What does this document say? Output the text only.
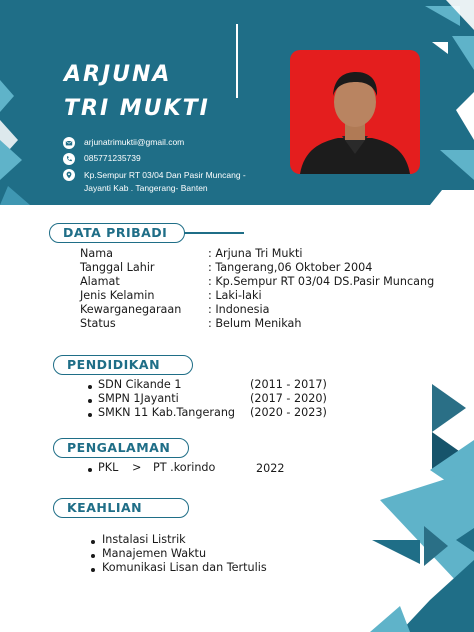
ARJUNA
TRI MUKTI
arjunatrimuktii@gmail.com
085771235739
Kp.Sempur RT 03/04 Dan Pasir Muncang -
Jayanti Kab . Tangerang- Banten
DATA PRIBADI
Nama	: Arjuna Tri Mukti
Tanggal Lahir	: Tangerang,06 Oktober 2004
Alamat	: Kp.Sempur RT 03/04 DS.Pasir Muncang
Jenis Kelamin	: Laki-laki
Kewarganegaraan : Indonesia
Status	: Belum Menikah
PENDIDIKAN
SDN Cikande 1	(2011 - 2017)
SMPN 1Jayanti	(2017 - 2020)
SMKN 11 Kab.Tangerang (2020 - 2023)
PENGALAMAN
PKL > PT .korindo	2022
KEAHLIAN
Instalasi Listrik
Manajemen Waktu
Komunikasi Lisan dan Tertulis
